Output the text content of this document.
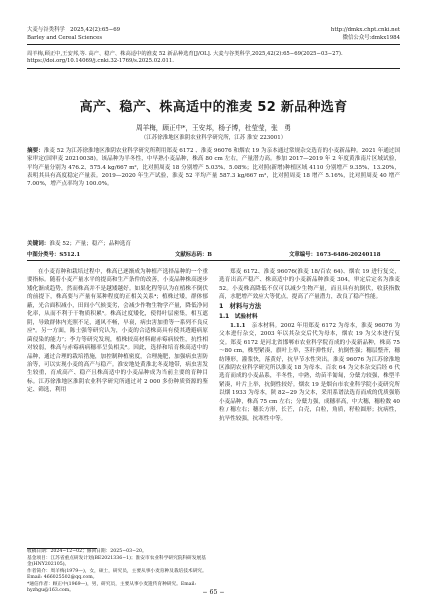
大麦与谷类科学　2025,42(2):65−69
Barley and Cereal Sciences
http://dmkx.chpt.cnki.net
微信公众号:dmkx1984
周羊梅,顾正中,王安邦,等. 高产、稳产、株高适中的淮麦 52 新品种选育[J/OL]. 大麦与谷类科学,2025,42(2):65−69(2025−03−27). https://doi.org/10.14069/j.cnki.32-1769/s.2025.02.011.
高产、稳产、株高适中的淮麦 52 新品种选育
周羊梅，顾正中*，王安邦，杨子博，杜莹莹，张　勇
（江苏徐淮地区淮阴农业科学研究所，江苏 淮安 223001）
摘要：淮麦 52 为江苏徐淮地区淮阴农业科学研究所利用郑麦 6172 、淮麦 96076 和烟农 19 为亲本通过常规杂交选育的小麦新品种。2021 年通过国家审定(国审麦 20210038)。该品种为半冬性，中早熟小麦品种，株高 80 cm 左右，产量潜力高。参加 2017—2019 年 2 年度黄淮南片区域试验，平均产量分别为 476.2、575.4 kg/667 m²，比对照周麦 18 分别增产 5.03%、5.08%；比对照(新增)种植区域 4110 分别增产 9.35%、13.20%，表明其具有高度稳定产量表。2019—2020 年生产试验，淮麦 52 平均产量 587.3 kg/667 m²，比对照周麦 18 增产 5.16%，比对照周麦 40 增产 7.00%，增产点率均为 100.0%。
关键词：淮麦 52；产量；稳产；品种选育
中图分类号：S512.1	文献标志码：B	文章编号：1673-6486-20240118

在小麦育种和栽培过程中，株高已逐渐成为种植产选择品种的一个重要指标。随着小麦产量水平的提高和生产条件的改善，小麦品种株高逐步矮化渐成趋势，然而株高并不是越矮越好。如果化程等认为在植株不倒伏的前提下，株高要与产量有某种程度的正相关关系⁴；植株过矮，群体郁蔽，光合面积减小，田间小气候变劣，会减少作物生物学产量，降低净同化率，从而不利于干物质积累⁵。株高过度矮化，使得叶层密集，相互遮阴，导致群体内光照不足，通风不畅，早衰，病虫害加重等一系列不良反应⁶。另一方面，陈士强等研究认为，小麦的合适株高具有使其透避病原菌侵染的能力⁷；李力等研究发现，植株较高材料耐赤霉病较性，抗性相对较弱，株高与赤霉病病穗率呈负相关⁸。因此，选择和培育株高适中的品种，通过合理的栽培措施，加控制种植密度，合理施肥，加强病虫害防治等，可以实现小麦的高产与稳产。淮安地处黄淮北冬麦地带，病虫害发生较重，育成高产、稳产且株高适中的小麦品种成为当前主要的育种目标。江苏徐淮地区淮阴农业科学研究所通过对 2 000 多份种质资源的鉴定、筛选，利用

郑麦 6172、淮麦 96076(淮麦 18/百农 64)、烟农 19 进行复交，选育出高产稳产、株高适中的小麦新品种淮麦 304，审定后定名为淮麦 52。小麦株高降低不仅可以减少生物产量，而且具有抗倒伏，收获指数高，水肥增产效应大等优点，提高了产量潜力，改良了稳产性能。

1　材料与方法
1.1　试验材料

1.1.1　亲本材料。2002 年用郑麦 6172 为母本，淮麦 96076 为父本进行杂交，2003 年以其杂交后代为母本，烟农 19 为父本进行复交。郑麦 6172 是河北省邯郸市农业科学院育成的小麦新品种，株高 75～80 cm，株型紧凑，旗叶上举，茎秆弹性好，抗倒性强；穗层整齐，穗纺锤形，灌浆快，落黄好，抗旱节水性突出。淮麦 96076 为江苏徐淮地区淮阴农业科学研究所以淮麦 18 为母本、百农 64 为父本杂交后经 6 代选育而成的小麦品系，半冬性，中熟，幼苗半匍匐，分蘖力较强，株型半紧凑，叶片上举，抗倒性较好。烟农 19 是烟台市农业科学院小麦研究所以烟 1933 为母本，陕 82−29 为父本，采用系谱法选育而成的优质强筋小麦品种，株高 75 cm 左右；分蘖力强，成穗率高，中大穗，穗粒数 40 粒 / 穗左右；穗长方形，长芒，白壳，白粒，角质，籽粒圆形；抗病性，抗旱性较强，抗寒性中等。

收稿日期：2024−12−02；修回日期：2025−03−20。
基金项目：江苏省重点研发计划(BE2021336−1)；淮安市农业科学研究院科研发展基金(HNY202105)。
作者简介：周羊梅(1979—)，女，硕士，研究员，主要从事小麦育种及栽培技术研究。Email: 466025502@qq.com。
*通信作者：顾正中(1969—)，男，研究员，主要从事小麦遗传育种研究。Email: hyzhgu@163.com。	− 65 −
